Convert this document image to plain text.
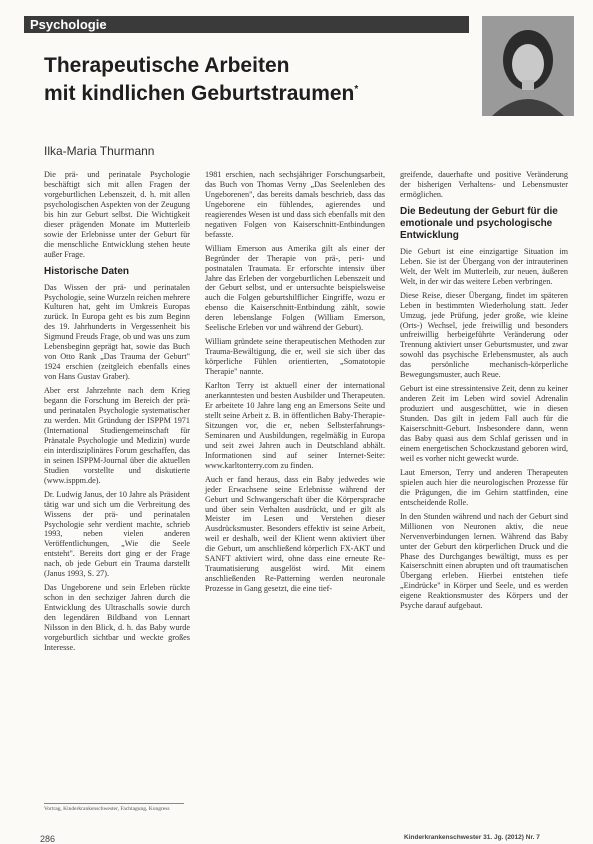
Psychologie
Therapeutische Arbeiten
mit kindlichen Geburtstraumen*
Ilka-Maria Thurmann

Die prä- und perinatale Psychologie beschäftigt sich mit allen Fragen der vorgeburtlichen Lebenszeit, d. h. mit allen psychologischen Aspekten von der Zeugung bis hin zur Geburt selbst. Die Wichtigkeit dieser prägenden Monate im Mutterleib sowie der Erlebnisse unter der Geburt für die menschliche Entwicklung stehen heute außer Frage.

Historische Daten

Das Wissen der prä- und perinatalen Psychologie, seine Wurzeln reichen mehrere Kulturen hat, geht im Umkreis Europas zurück. In Europa geht es bis zum Beginn des 19. Jahrhunderts in Vergessenheit bis Sigmund Freuds Frage, ob und was uns zum Lebensbeginn geprägt hat, sowie das Buch von Otto Rank „Das Trauma der Geburt" 1924 erschien (zeitgleich ebenfalls eines von Hans Gustav Graber).

Aber erst Jahrzehnte nach dem Krieg begann die Forschung im Bereich der prä- und perinatalen Psychologie systematischer zu werden. Mit Gründung der ISPPM 1971 (International Studiengemeinschaft für Pränatale Psychologie und Medizin) wurde ein interdisziplinäres Forum geschaffen, das in seinen ISPPM-Journal über die aktuellen Studien vorstellte und diskutierte (www.isppm.de).

Dr. Ludwig Janus, der 10 Jahre als Präsident tätig war und sich um die Verbreitung des Wissens der prä- und perinatalen Psychologie sehr verdient machte, schrieb 1993, neben vielen anderen Veröffentlichungen, „Wie die Seele entsteht". Bereits dort ging er der Frage nach, ob jede Geburt ein Trauma darstellt (Janus 1993, S. 27).

Das Ungeborene und sein Erleben rückte schon in den sechziger Jahren durch die Entwicklung des Ultraschalls sowie durch den legendären Bildband von Lennart Nilsson in den Blick, d. h. das Baby wurde vorgeburtlich sichtbar und weckte großes Interesse.

1981 erschien, nach sechsjähriger Forschungsarbeit, das Buch von Thomas Verny „Das Seelenleben des Ungeborenen", das bereits damals beschrieb, dass das Ungeborene ein fühlendes, agierendes und reagierendes Wesen ist und dass sich ebenfalls mit den negativen Folgen von Kaiserschnitt-Entbindungen befasste.

William Emerson aus Amerika gilt als einer der Begründer der Therapie von prä-, peri- und postnatalen Traumata. Er erforschte intensiv über Jahre das Erleben der vorgeburtlichen Lebenszeit und der Geburt selbst, und er untersuchte beispielsweise auch die Folgen geburtshilflicher Eingriffe, wozu er ebenso die Kaiserschnitt-Entbindung zählt, sowie deren lebenslange Folgen (William Emerson, Seelische Erleben vor und während der Geburt).

William gründete seine therapeutischen Methoden zur Trauma-Bewältigung, die er, weil sie sich über das körperliche Fühlen orientierten, „Somatotopie Therapie" nannte.

Karlton Terry ist aktuell einer der international anerkanntesten und besten Ausbilder und Therapeuten. Er arbeitete 10 Jahre lang eng an Emersons Seite und stellt seine Arbeit z. B. in öffentlichen Baby-Therapie-Sitzungen vor, die er, neben Selbsterfahrungs-Seminaren und Ausbildungen, regelmäßig in Europa und seit zwei Jahren auch in Deutschland abhält. Informationen sind auf seiner Internet-Seite: www.karltonterry.com zu finden.

Auch er fand heraus, dass ein Baby jedwedes wie jeder Erwachsene seine Erlebnisse während der Geburt und Schwangerschaft über die Körpersprache und über sein Verhalten ausdrückt, und er gilt als Meister im Lesen und Verstehen dieser Ausdrücksmuster. Besonders effektiv ist seine Arbeit, weil er deshalb, weil der Klient wenn aktiviert über die Geburt, um anschließend körperlich FX-AKT und SANFT aktiviert wird, ohne dass eine erneute Re-Traumatisierung ausgelöst wird. Mit einem anschließenden Re-Patterning werden neuronale Prozesse in Gang gesetzt, die eine tief-

greifende, dauerhafte und positive Veränderung der bisherigen Verhaltens- und Lebensmuster ermöglichen.

Die Bedeutung der Geburt für die emotionale und psychologische Entwicklung

Die Geburt ist eine einzigartige Situation im Leben. Sie ist der Übergang von der intrauterinen Welt, der Welt im Mutterleib, zur neuen, äußeren Welt, in der wir das weitere Leben verbringen.

Diese Reise, dieser Übergang, findet im späteren Leben in bestimmten Wiederholung statt. Jeder Umzug, jede Prüfung, jeder große, wie kleine (Orts-) Wechsel, jede freiwillig und besonders unfreiwillig herbeigeführte Veränderung oder Trennung aktiviert unser Geburtsmuster, und zwar sowohl das psychische Erlebensmuster, als auch das persönliche mechanisch-körperliche Bewegungsmuster, auch Reue.

Geburt ist eine stressintensive Zeit, denn zu keiner anderen Zeit im Leben wird soviel Adrenalin produziert und ausgeschüttet, wie in diesen Stunden. Das gilt in jedem Fall auch für die Kaiserschnitt-Geburt. Insbesondere dann, wenn das Baby quasi aus dem Schlaf gerissen und in einem energetischen Schockzustand geboren wird, weil es vorher nicht geweckt wurde.

Laut Emerson, Terry und anderen Therapeuten spielen auch hier die neurologischen Prozesse für die Prägungen, die im Gehirn stattfinden, eine entscheidende Rolle.

In den Stunden während und nach der Geburt sind Millionen von Neuronen aktiv, die neue Nervenverbindungen lernen. Während das Baby unter der Geburt den körperlichen Druck und die Phase des Durchganges bewältigt, muss es per Kaiserschnitt einen abrupten und oft traumatischen Übergang erleben. Hierbei entstehen tiefe „Eindrücke" in Körper und Seele, und es werden eigene Reaktionsmuster des Körpers und der Psyche darauf aufgebaut.

Vortrag, Kinderkrankenschwester, Fachtagung, Kongress
286	Kinderkrankenschwester 31. Jg. (2012) Nr. 7
